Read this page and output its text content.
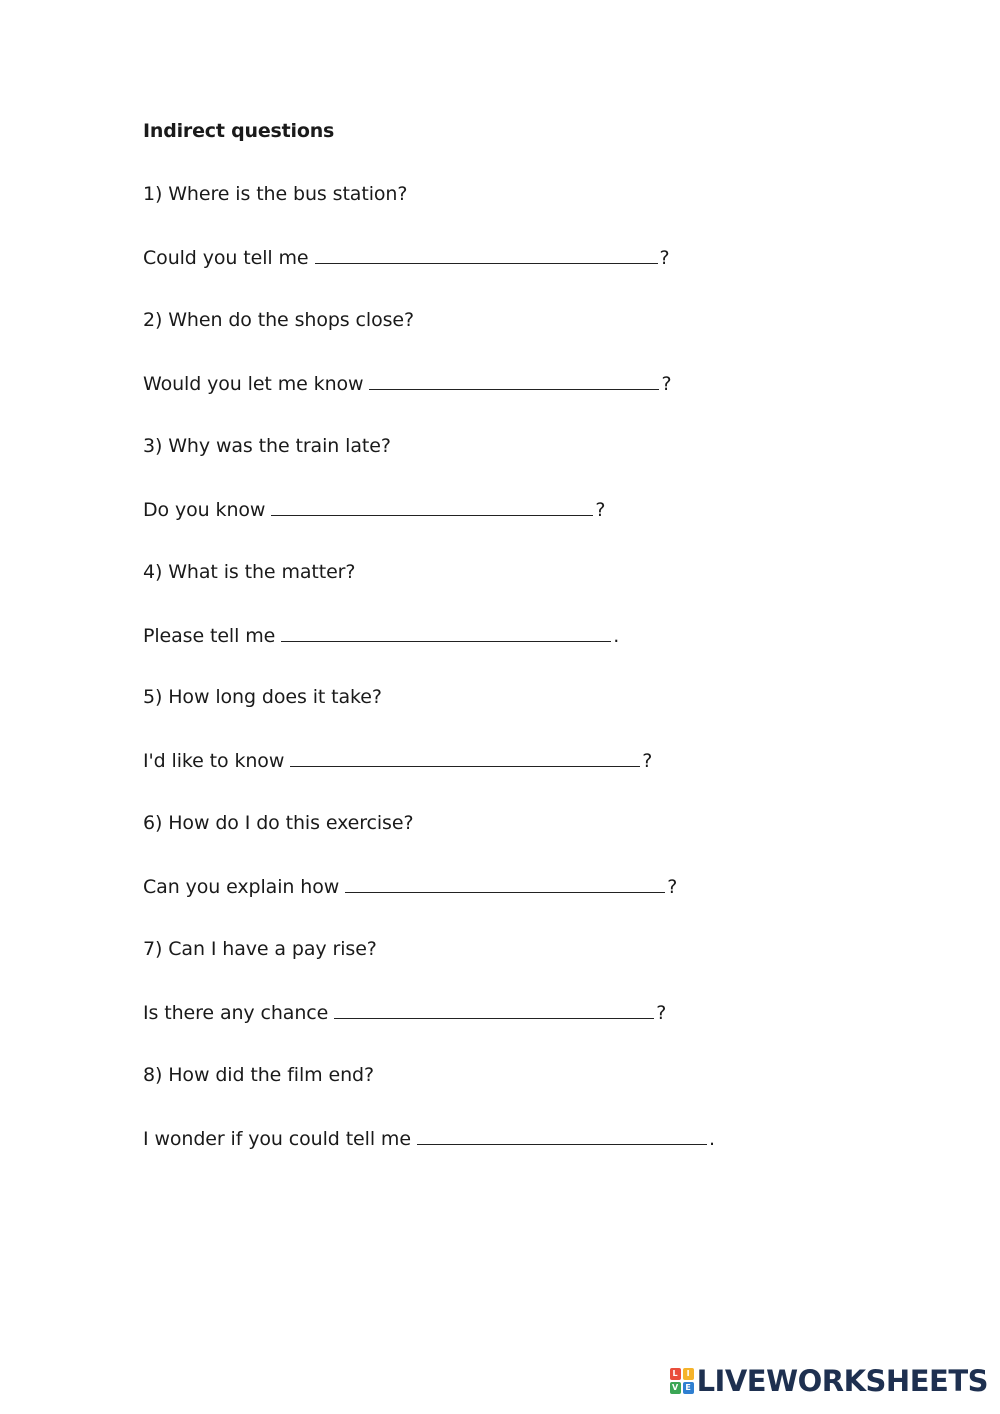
Indirect questions
1) Where is the bus station?
Could you tell me	?
2) When do the shops close?
Would you let me know	?
3) Why was the train late?
Do you know	?
4) What is the matter?
Please tell me	.
5) How long does it take?
I'd like to know	?
6) How do I do this exercise?
Can you explain how	?
7) Can I have a pay rise?
Is there any chance	?
8) How did the film end?
I wonder if you could tell me	.
L	I
V E LIVEWORKSHEETS
